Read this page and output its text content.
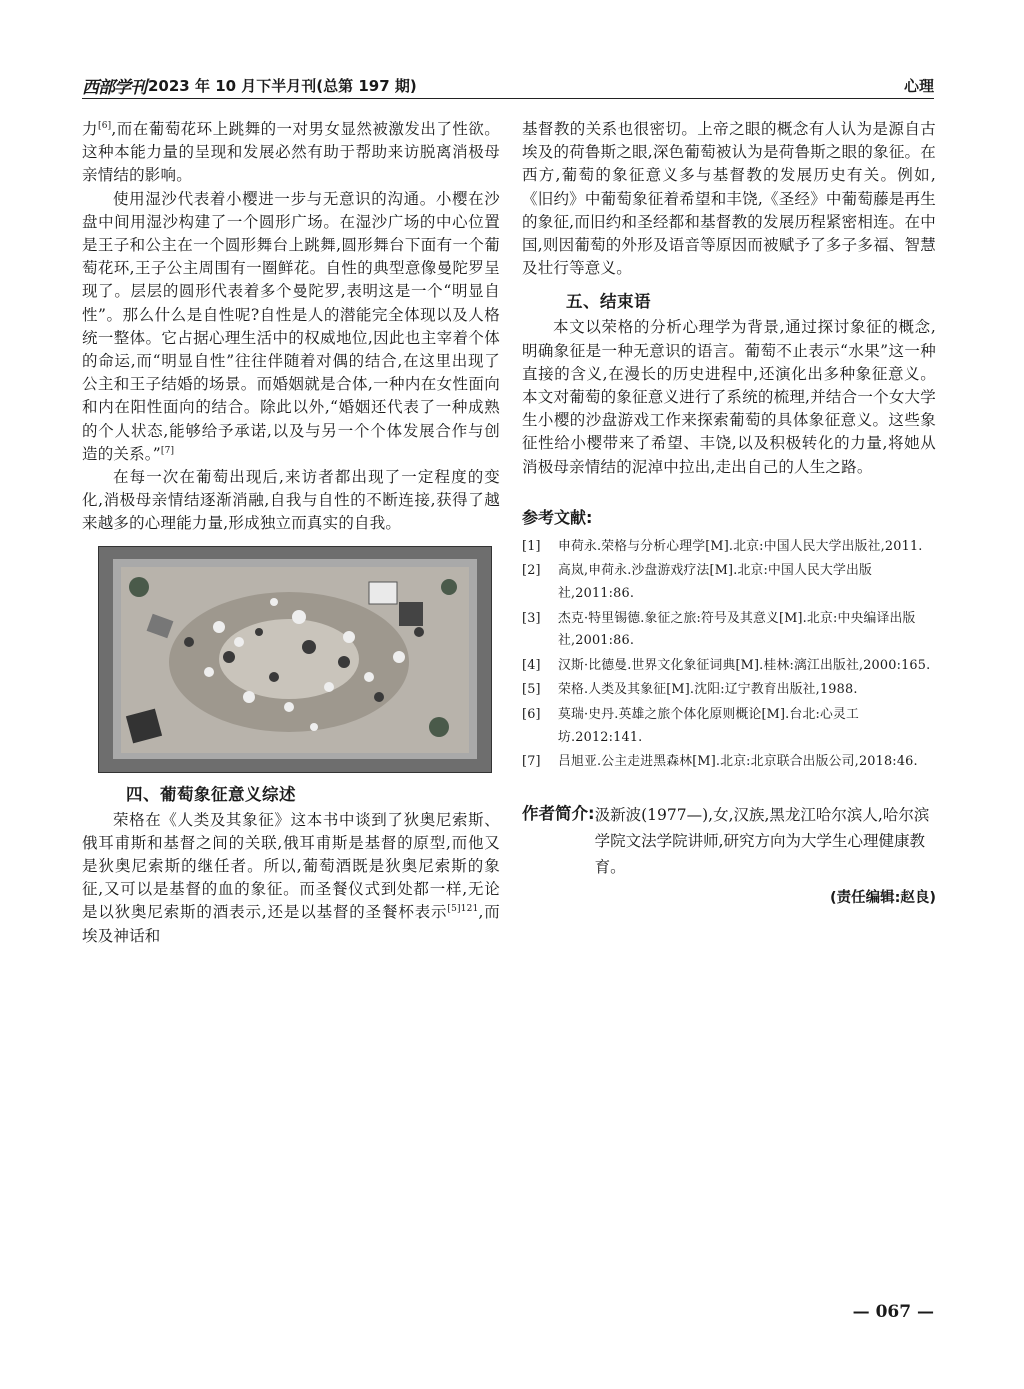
西部学刊 2023 年 10 月下半月刊(总第 197 期)	心理

力[6],而在葡萄花环上跳舞的一对男女显然被激发出了性欲。这种本能力量的呈现和发展必然有助于帮助来访脱离消极母亲情结的影响。

使用湿沙代表着小樱进一步与无意识的沟通。小樱在沙盘中间用湿沙构建了一个圆形广场。在湿沙广场的中心位置是王子和公主在一个圆形舞台上跳舞,圆形舞台下面有一个葡萄花环,王子公主周围有一圈鲜花。自性的典型意像曼陀罗呈现了。层层的圆形代表着多个曼陀罗,表明这是一个“明显自性”。那么什么是自性呢?自性是人的潜能完全体现以及人格统一整体。它占据心理生活中的权威地位,因此也主宰着个体的命运,而“明显自性”往往伴随着对偶的结合,在这里出现了公主和王子结婚的场景。而婚姻就是合体,一种内在女性面向和内在阳性面向的结合。除此以外,“婚姻还代表了一种成熟的个人状态,能够给予承诺,以及与另一个个体发展合作与创造的关系。”[7]

在每一次在葡萄出现后,来访者都出现了一定程度的变化,消极母亲情结逐渐消融,自我与自性的不断连接,获得了越来越多的心理能力量,形成独立而真实的自我。

四、葡萄象征意义综述

荣格在《人类及其象征》这本书中谈到了狄奥尼索斯、俄耳甫斯和基督之间的关联,俄耳甫斯是基督的原型,而他又是狄奥尼索斯的继任者。所以,葡萄酒既是狄奥尼索斯的象征,又可以是基督的血的象征。而圣餐仪式到处都一样,无论是以狄奥尼索斯的酒表示,还是以基督的圣餐杯表示$^{[5]121}$,而埃及神话和

基督教的关系也很密切。上帝之眼的概念有人认为是源自古埃及的荷鲁斯之眼,深色葡萄被认为是荷鲁斯之眼的象征。在西方,葡萄的象征意义多与基督教的发展历史有关。例如,《旧约》中葡萄象征着希望和丰饶,《圣经》中葡萄藤是再生的象征,而旧约和圣经都和基督教的发展历程紧密相连。在中国,则因葡萄的外形及语音等原因而被赋予了多子多福、智慧及壮行等意义。

五、结束语

本文以荣格的分析心理学为背景,通过探讨象征的概念,明确象征是一种无意识的语言。葡萄不止表示“水果”这一种直接的含义,在漫长的历史进程中,还演化出多种象征意义。本文对葡萄的象征意义进行了系统的梳理,并结合一个女大学生小樱的沙盘游戏工作来探索葡萄的具体象征意义。这些象征性给小樱带来了希望、丰饶,以及积极转化的力量,将她从消极母亲情结的泥淖中拉出,走出自己的人生之路。

参考文献:

[1] 申荷永.荣格与分析心理学[M].北京:中国人民大学出版社,2011.

[2] 高岚,申荷永.沙盘游戏疗法[M].北京:中国人民大学出版社,2011:86.

[3] 杰克·特里锡德.象征之旅:符号及其意义[M].北京:中央编译出版社,2001:86.

[4] 汉斯·比德曼.世界文化象征词典[M].桂林:漓江出版社,2000:165.

[5] 荣格.人类及其象征[M].沈阳:辽宁教育出版社,1988.

[6] 莫瑞·史丹.英雄之旅个体化原则概论[M].台北:心灵工坊.2012:141.

[7] 吕旭亚.公主走进黑森林[M].北京:北京联合出版公司,2018:46.

作者简介: 汲新波(1977—),女,汉族,黑龙江哈尔滨人,哈尔滨学院文法学院讲师,研究方向为大学生心理健康教育。
(责任编辑:赵良)
— 067 —
